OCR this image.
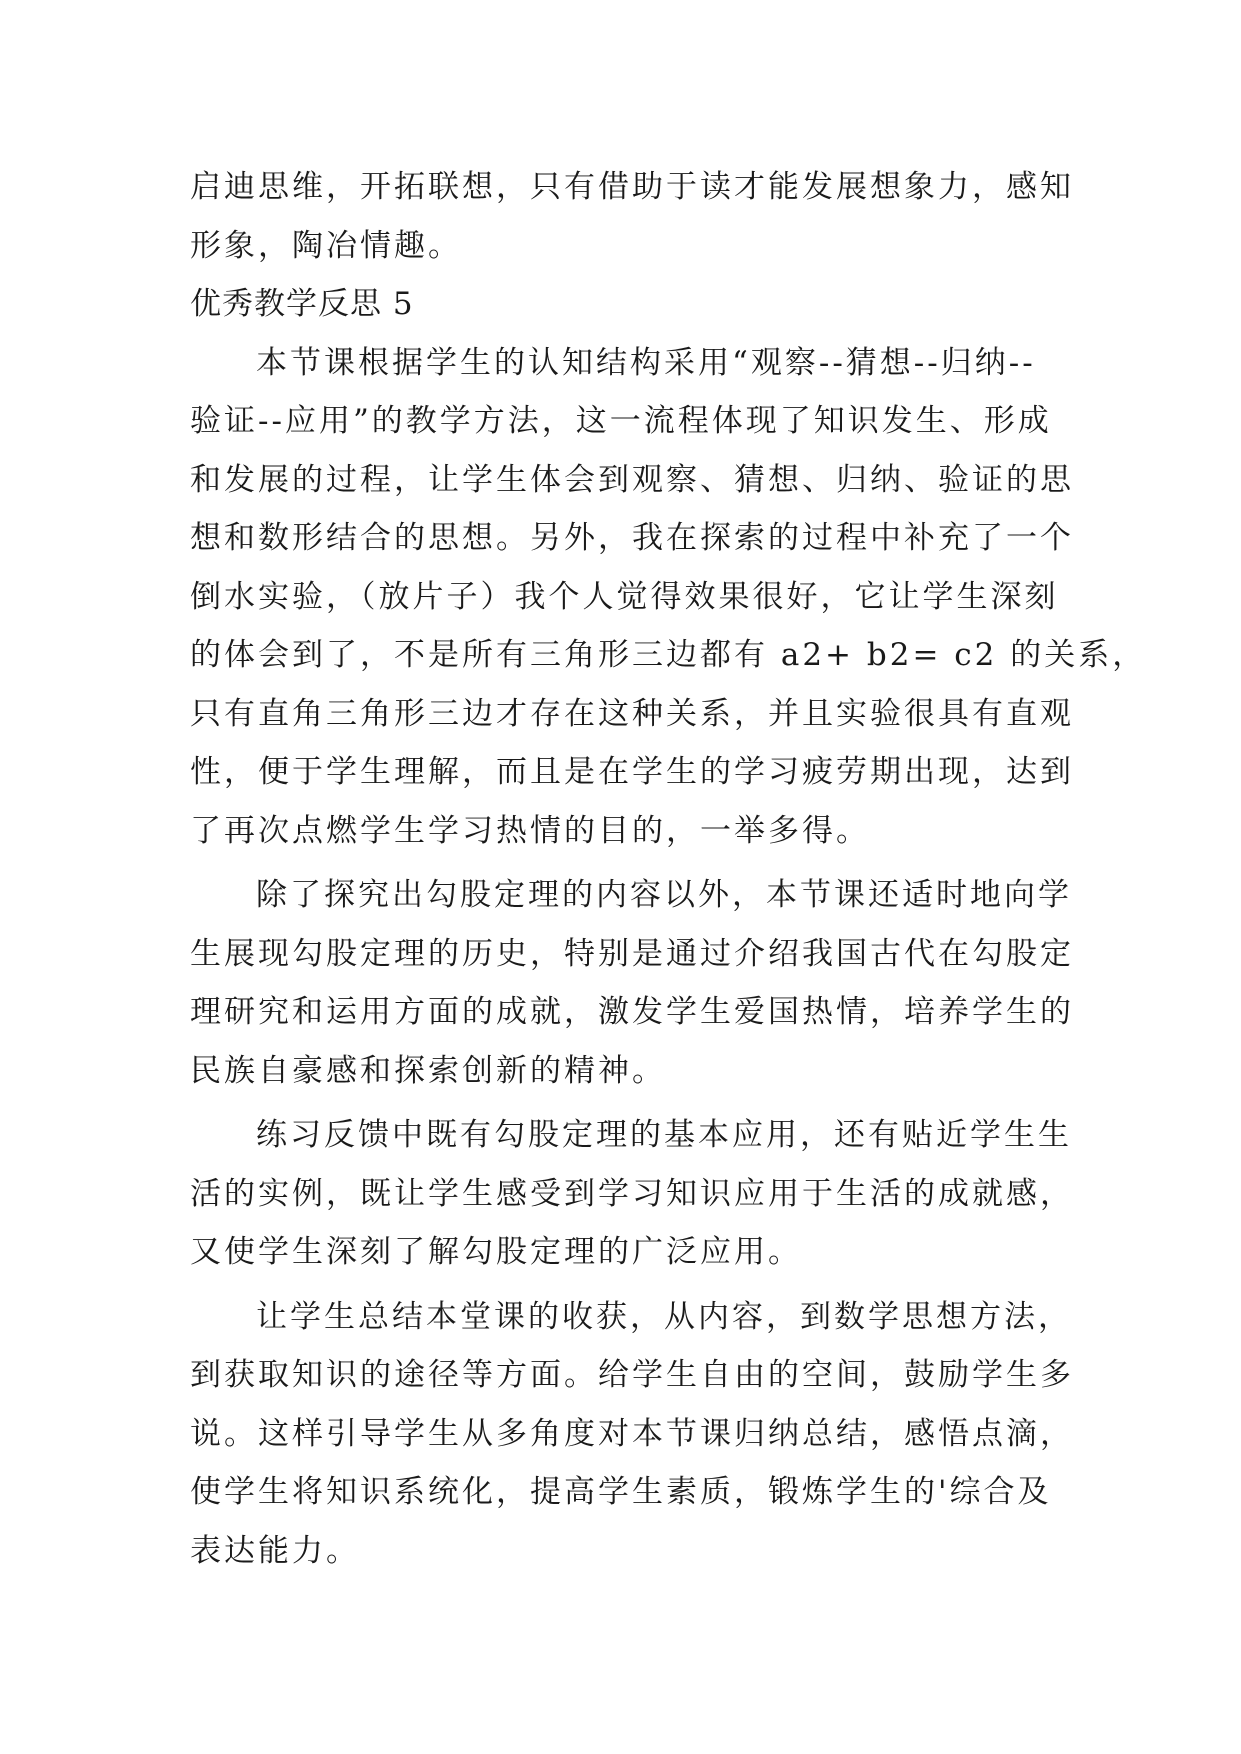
启迪思维，开拓联想，只有借助于读才能发展想象力，感知
形象，陶冶情趣。
优秀教学反思 5
本节课根据学生的认知结构采用“观察--猜想--归纳--
验证--应用”的教学方法，这一流程体现了知识发生、形成
和发展的过程，让学生体会到观察、猜想、归纳、验证的思
想和数形结合的思想。另外，我在探索的过程中补充了一个
倒水实验，（放片子）我个人觉得效果很好，它让学生深刻
的体会到了，不是所有三角形三边都有 a2+ b2= c2 的关系，
只有直角三角形三边才存在这种关系，并且实验很具有直观
性，便于学生理解，而且是在学生的学习疲劳期出现，达到
了再次点燃学生学习热情的目的，一举多得。
除了探究出勾股定理的内容以外，本节课还适时地向学
生展现勾股定理的历史，特别是通过介绍我国古代在勾股定
理研究和运用方面的成就，激发学生爱国热情，培养学生的
民族自豪感和探索创新的精神。
练习反馈中既有勾股定理的基本应用，还有贴近学生生
活的实例，既让学生感受到学习知识应用于生活的成就感，
又使学生深刻了解勾股定理的广泛应用。
让学生总结本堂课的收获，从内容，到数学思想方法，
到获取知识的途径等方面。给学生自由的空间，鼓励学生多
说。这样引导学生从多角度对本节课归纳总结，感悟点滴，
使学生将知识系统化，提高学生素质，锻炼学生的'综合及
表达能力。
